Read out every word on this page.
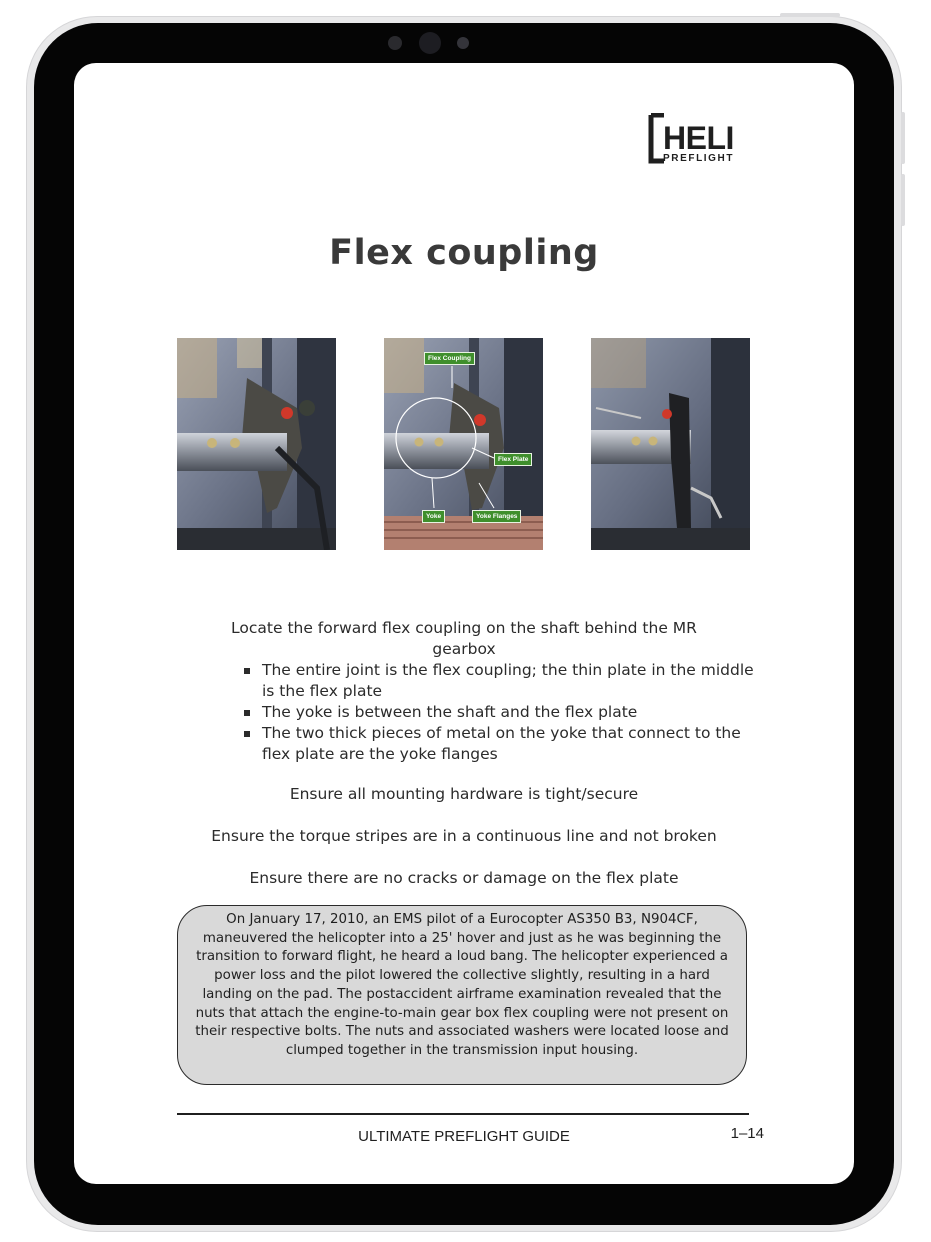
HELI
PREFLIGHT
Flex coupling
Flex Coupling
Flex Plate
Yoke	Yoke Flanges
Locate the forward flex coupling on the shaft behind the MR gearbox
The entire joint is the flex coupling; the thin plate in the middle is the flex plate
The yoke is between the shaft and the flex plate
The two thick pieces of metal on the yoke that connect to the flex plate are the yoke flanges
Ensure all mounting hardware is tight/secure
Ensure the torque stripes are in a continuous line and not broken
Ensure there are no cracks or damage on the flex plate
On January 17, 2010, an EMS pilot of a Eurocopter AS350 B3, N904CF, maneuvered the helicopter into a 25' hover and just as he was beginning the transition to forward flight, he heard a loud bang. The helicopter experienced a power loss and the pilot lowered the collective slightly, resulting in a hard landing on the pad. The postaccident airframe examination revealed that the nuts that attach the engine-to-main gear box flex coupling were not present on their respective bolts. The nuts and associated washers were located loose and clumped together in the transmission input housing.
ULTIMATE PREFLIGHT GUIDE	1–14
